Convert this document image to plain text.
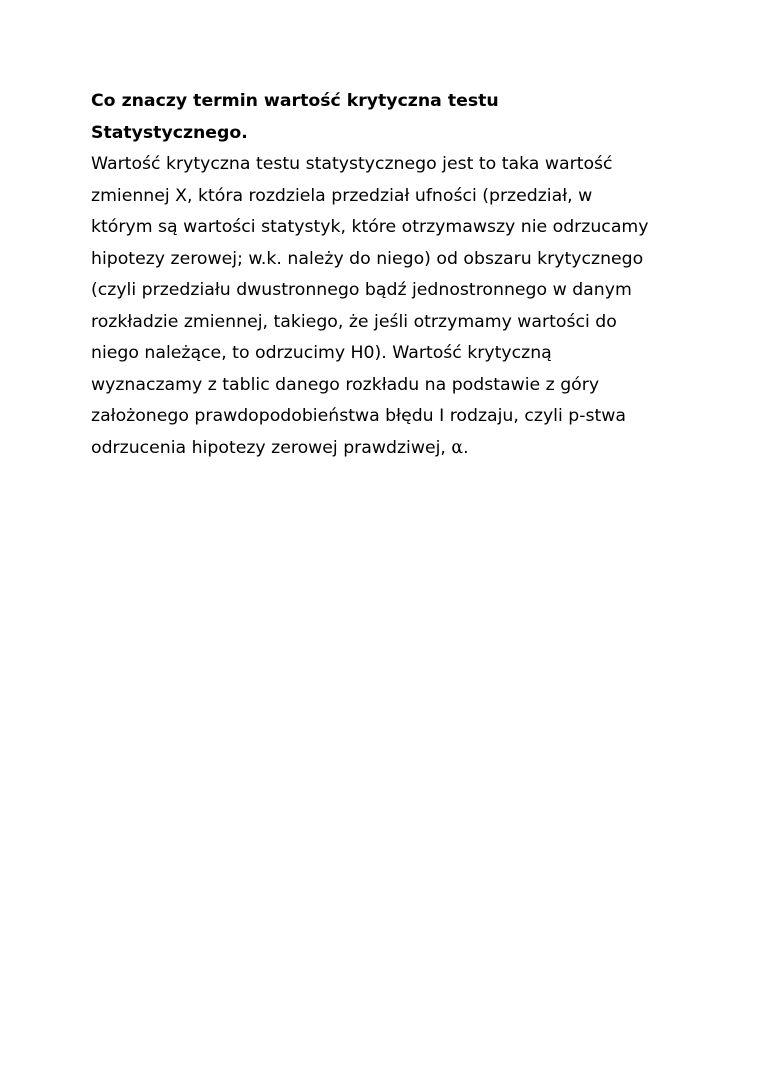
Co znaczy termin wartość krytyczna testu
Statystycznego.

Wartość krytyczna testu statystycznego jest to taka wartość
zmiennej X, która rozdziela przedział ufności (przedział, w
którym są wartości statystyk, które otrzymawszy nie odrzucamy
hipotezy zerowej; w.k. należy do niego) od obszaru krytycznego
(czyli przedziału dwustronnego bądź jednostronnego w danym
rozkładzie zmiennej, takiego, że jeśli otrzymamy wartości do
niego należące, to odrzucimy H0). Wartość krytyczną
wyznaczamy z tablic danego rozkładu na podstawie z góry
założonego prawdopodobieństwa błędu I rodzaju, czyli p-stwa
odrzucenia hipotezy zerowej prawdziwej, α.
